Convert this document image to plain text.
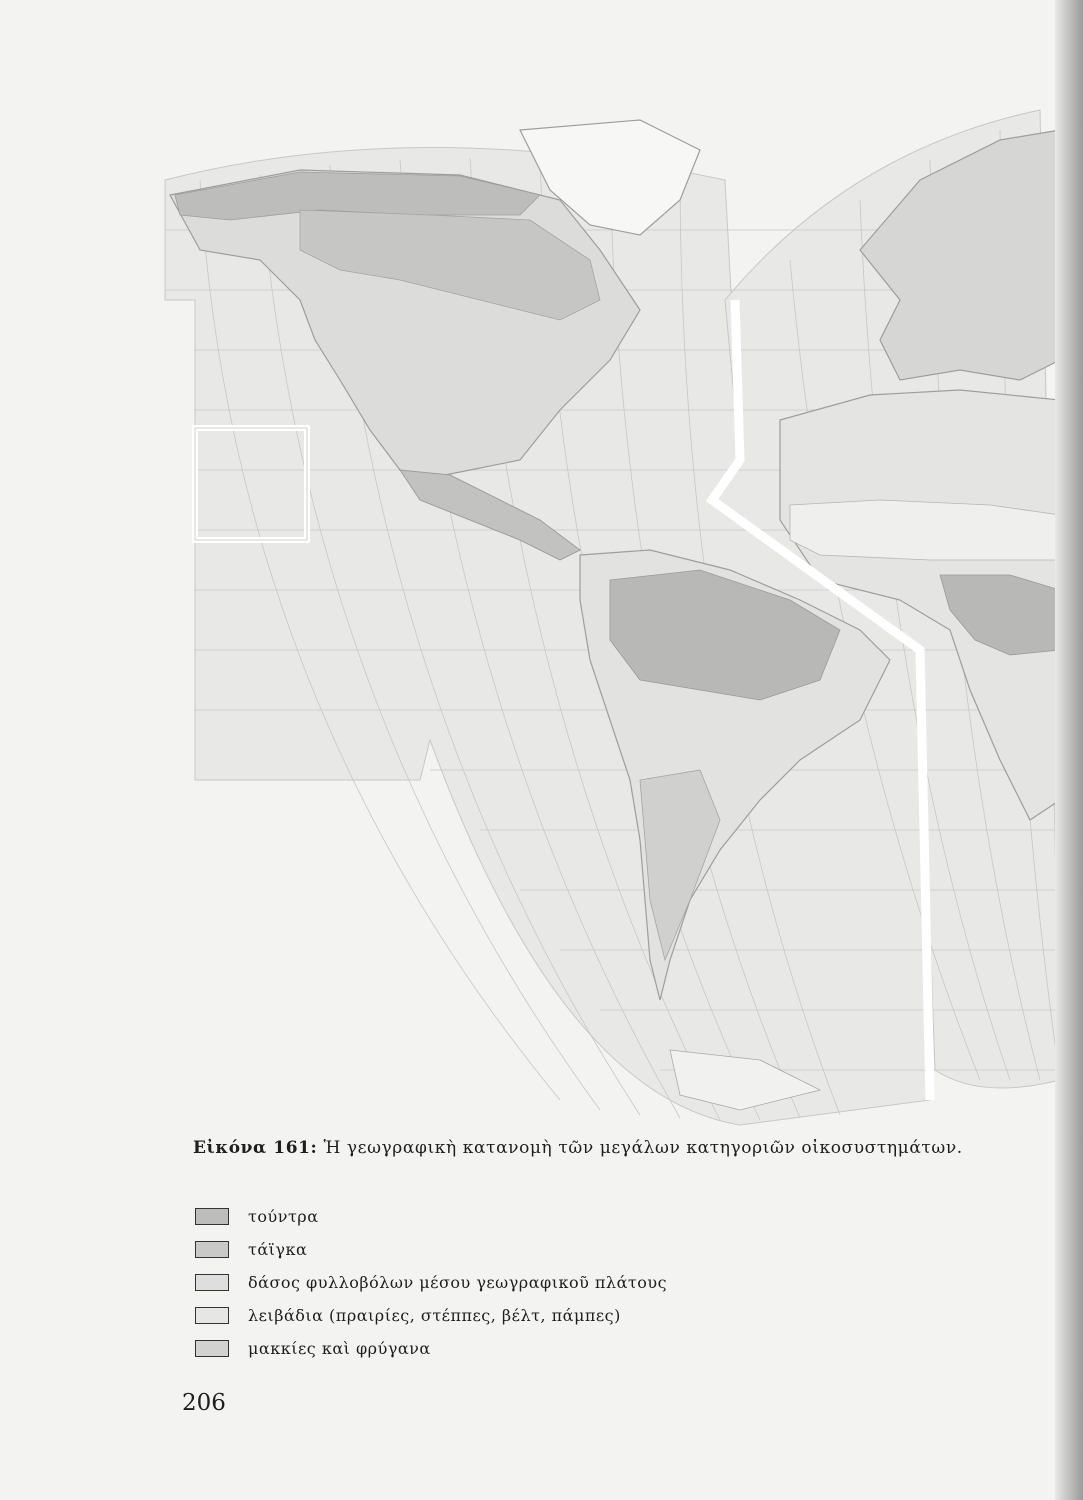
Εἰκόνα 161: Ἡ γεωγραφικὴ κατανομὴ τῶν μεγάλων κατηγοριῶν οἰκοσυστημάτων.
τούντρα
τάϊγκα
δάσος φυλλοβόλων μέσου γεωγραφικοῦ πλάτους
λειβάδια (πραιρίες, στέππες, βέλτ, πάμπες)
μακκίες καὶ φρύγανα
206
